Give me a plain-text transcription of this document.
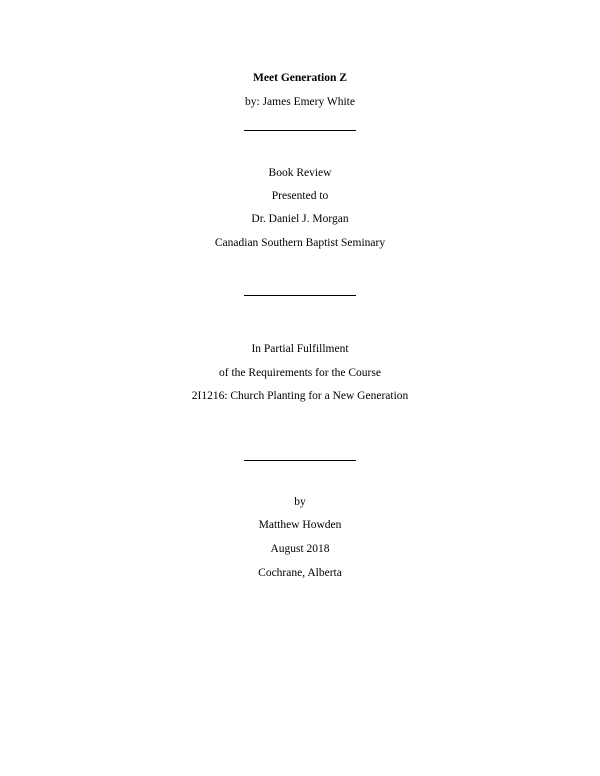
Meet Generation Z
by: James Emery White
Book Review
Presented to
Dr. Daniel J. Morgan
Canadian Southern Baptist Seminary
In Partial Fulfillment
of the Requirements for the Course
2I1216: Church Planting for a New Generation
by
Matthew Howden
August 2018
Cochrane, Alberta
